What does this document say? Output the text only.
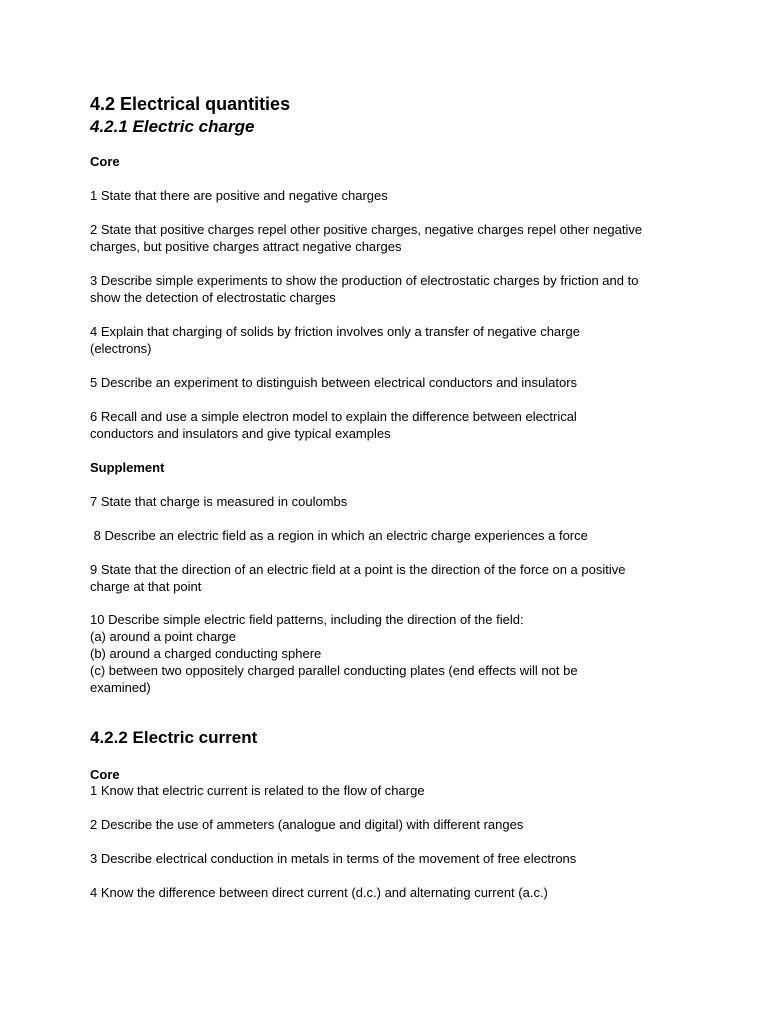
4.2 Electrical quantities
4.2.1 Electric charge
Core
1 State that there are positive and negative charges
2 State that positive charges repel other positive charges, negative charges repel other negative
charges, but positive charges attract negative charges
3 Describe simple experiments to show the production of electrostatic charges by friction and to
show the detection of electrostatic charges
4 Explain that charging of solids by friction involves only a transfer of negative charge
(electrons)
5 Describe an experiment to distinguish between electrical conductors and insulators
6 Recall and use a simple electron model to explain the difference between electrical
conductors and insulators and give typical examples
Supplement
7 State that charge is measured in coulombs
8 Describe an electric field as a region in which an electric charge experiences a force
9 State that the direction of an electric field at a point is the direction of the force on a positive
charge at that point
10 Describe simple electric field patterns, including the direction of the field:
(a) around a point charge
(b) around a charged conducting sphere
(c) between two oppositely charged parallel conducting plates (end effects will not be
examined)
4.2.2 Electric current
Core
1 Know that electric current is related to the flow of charge
2 Describe the use of ammeters (analogue and digital) with different ranges
3 Describe electrical conduction in metals in terms of the movement of free electrons
4 Know the difference between direct current (d.c.) and alternating current (a.c.)
